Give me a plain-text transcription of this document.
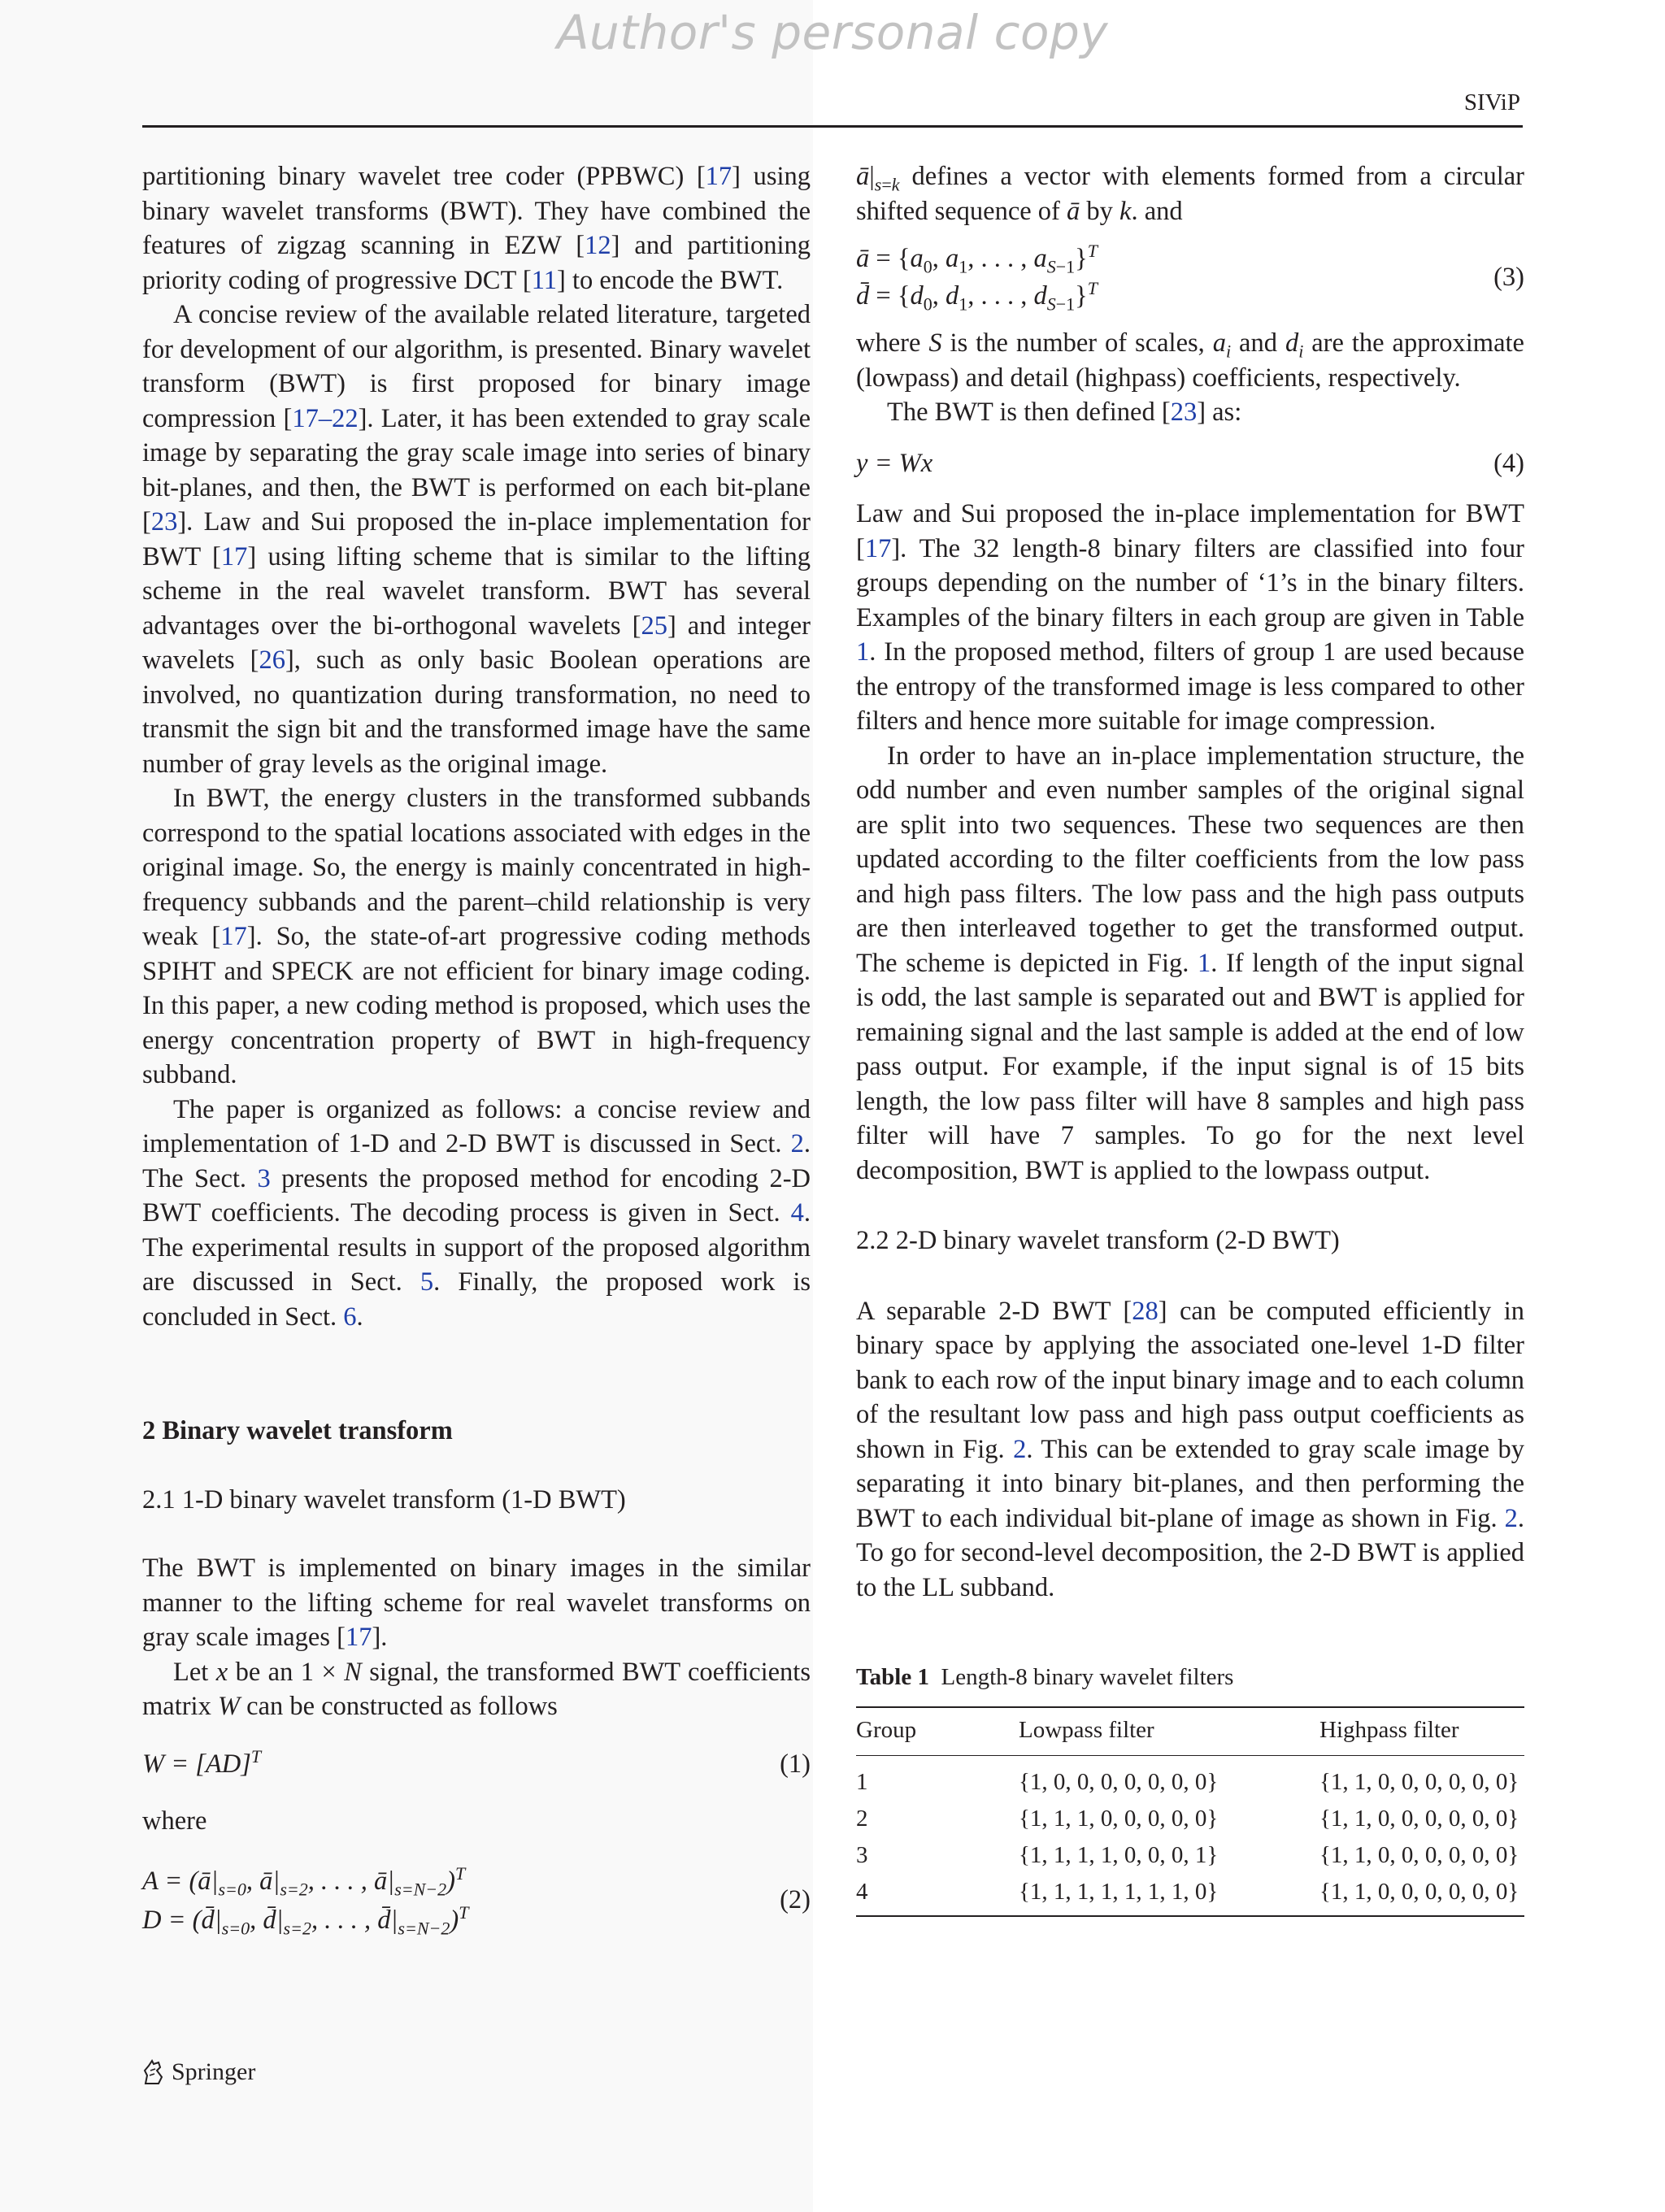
Author's personal copy
SIViP

partitioning binary wavelet tree coder (PPBWC) [17] using binary wavelet transforms (BWT). They have combined the features of zigzag scanning in EZW [12] and partitioning priority coding of progressive DCT [11] to encode the BWT.

A concise review of the available related literature, targeted for development of our algorithm, is presented. Binary wavelet transform (BWT) is first proposed for binary image compression [17–22]. Later, it has been extended to gray scale image by separating the gray scale image into series of binary bit-planes, and then, the BWT is performed on each bit-plane [23]. Law and Sui proposed the in-place implementation for BWT [17] using lifting scheme that is similar to the lifting scheme in the real wavelet transform. BWT has several advantages over the bi-orthogonal wavelets [25] and integer wavelets [26], such as only basic Boolean operations are involved, no quantization during transformation, no need to transmit the sign bit and the transformed image have the same number of gray levels as the original image.

In BWT, the energy clusters in the transformed subbands correspond to the spatial locations associated with edges in the original image. So, the energy is mainly concentrated in high-frequency subbands and the parent–child relationship is very weak [17]. So, the state-of-art progressive coding methods SPIHT and SPECK are not efficient for binary image coding. In this paper, a new coding method is proposed, which uses the energy concentration property of BWT in high-frequency subband.

The paper is organized as follows: a concise review and implementation of 1-D and 2-D BWT is discussed in Sect. 2. The Sect. 3 presents the proposed method for encoding 2-D BWT coefficients. The decoding process is given in Sect. 4. The experimental results in support of the proposed algorithm are discussed in Sect. 5. Finally, the proposed work is concluded in Sect. 6.

2 Binary wavelet transform
2.1 1-D binary wavelet transform (1-D BWT)

The BWT is implemented on binary images in the similar manner to the lifting scheme for real wavelet transforms on gray scale images [17].

Let x be an 1 × N signal, the transformed BWT coefficients matrix W can be constructed as follows

W = [AD]$^T$	(1)

where

$A = (ā|_{s=0}$, $ā|_{s=2}$, . . . , $ā|_{s=N-2})^T$
$D = (d̄|_{s=0}$, $d̄|_{s=2}$, . . . , $d̄|_{s=N-2})^T$	(2)

$ā|_{s=k}$ defines a vector with elements formed from a circular shifted sequence of ā by k. and

ā = {$a_0$, $a_1$, . . . , $a_{S-1}\}^T$
d̄ = {$d_0$, $d_1$, . . . , $d_{S-1}\}^T$	(3)

where S is the number of scales, $a_i$ and $d_i$ are the approximate (lowpass) and detail (highpass) coefficients, respectively.

The BWT is then defined [23] as:

y = Wx	(4)

Law and Sui proposed the in-place implementation for BWT [17]. The 32 length-8 binary filters are classified into four groups depending on the number of ‘1’s in the binary filters. Examples of the binary filters in each group are given in Table 1. In the proposed method, filters of group 1 are used because the entropy of the transformed image is less compared to other filters and hence more suitable for image compression.

In order to have an in-place implementation structure, the odd number and even number samples of the original signal are split into two sequences. These two sequences are then updated according to the filter coefficients from the low pass and high pass filters. The low pass and the high pass outputs are then interleaved together to get the transformed output. The scheme is depicted in Fig. 1. If length of the input signal is odd, the last sample is separated out and BWT is applied for remaining signal and the last sample is added at the end of low pass output. For example, if the input signal is of 15 bits length, the low pass filter will have 8 samples and high pass filter will have 7 samples. To go for the next level decomposition, BWT is applied to the lowpass output.

2.2 2-D binary wavelet transform (2-D BWT)

A separable 2-D BWT [28] can be computed efficiently in binary space by applying the associated one-level 1-D filter bank to each row of the input binary image and to each column of the resultant low pass and high pass output coefficients as shown in Fig. 2. This can be extended to gray scale image by separating it into binary bit-planes, and then performing the BWT to each individual bit-plane of image as shown in Fig. 2. To go for second-level decomposition, the 2-D BWT is applied to the LL subband.

Table 1 Length-8 binary wavelet filters
Group	Lowpass filter	Highpass filter
1	{1, 0, 0, 0, 0, 0, 0, 0}	{1, 1, 0, 0, 0, 0, 0, 0}
2	{1, 1, 1, 0, 0, 0, 0, 0}	{1, 1, 0, 0, 0, 0, 0, 0}
3	{1, 1, 1, 1, 0, 0, 0, 1}	{1, 1, 0, 0, 0, 0, 0, 0}
4	{1, 1, 1, 1, 1, 1, 1, 0}	{1, 1, 0, 0, 0, 0, 0, 0}
Springer
